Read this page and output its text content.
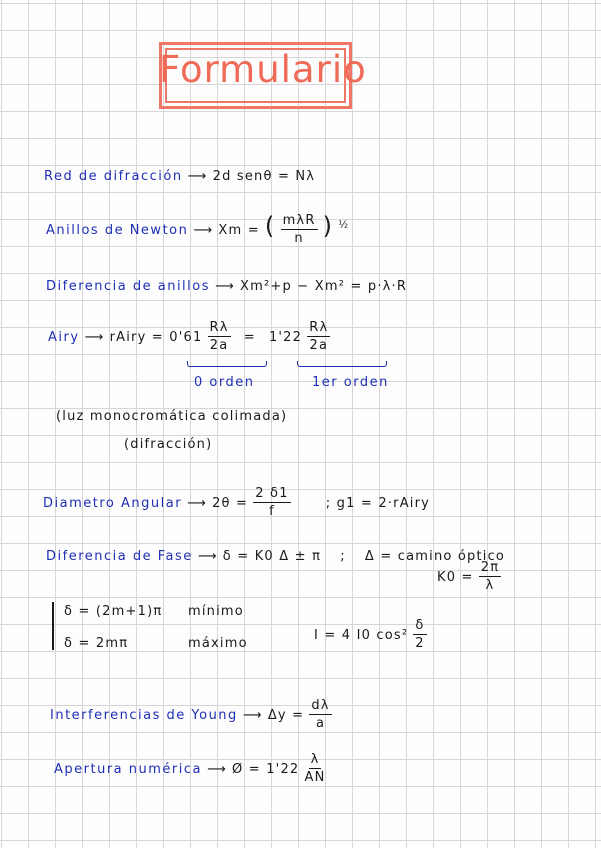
Formulario
Red de difracción ⟶ 2d senθ = Nλ
Anillos de Newton ⟶ Xm = ( $\frac{\text{mλR}}{n}$ ) $^{\frac{1}{2}}$
Diferencia de anillos ⟶ Xm²+p − Xm² = p·λ·R
Airy ⟶ rAiry = $0'61 \frac{R\lambda}{2a} = 1'22 \frac{R\lambda}{2a}$
0 orden	1er orden
(luz monocromática colimada)
(difracción)
Diametro Angular ⟶ $2\theta = \frac{2 \delta 1}{f}$	; g1 = 2·rAiry
Diferencia de Fase ⟶ δ = K0 Δ ± π ; Δ = camino óptico
$K0 = \frac{2\pi}{\lambda}$
δ = (2m+1)π mínimo
δ = 2mπ	máximo
I = 4 I0 $\cos^2 \frac{\delta}{2}$
Interferencias de Young ⟶ $\Delta y = \frac{d\lambda}{a}$
Apertura numérica ⟶ Ø = $1'22 \frac{\lambda}{AN}$
